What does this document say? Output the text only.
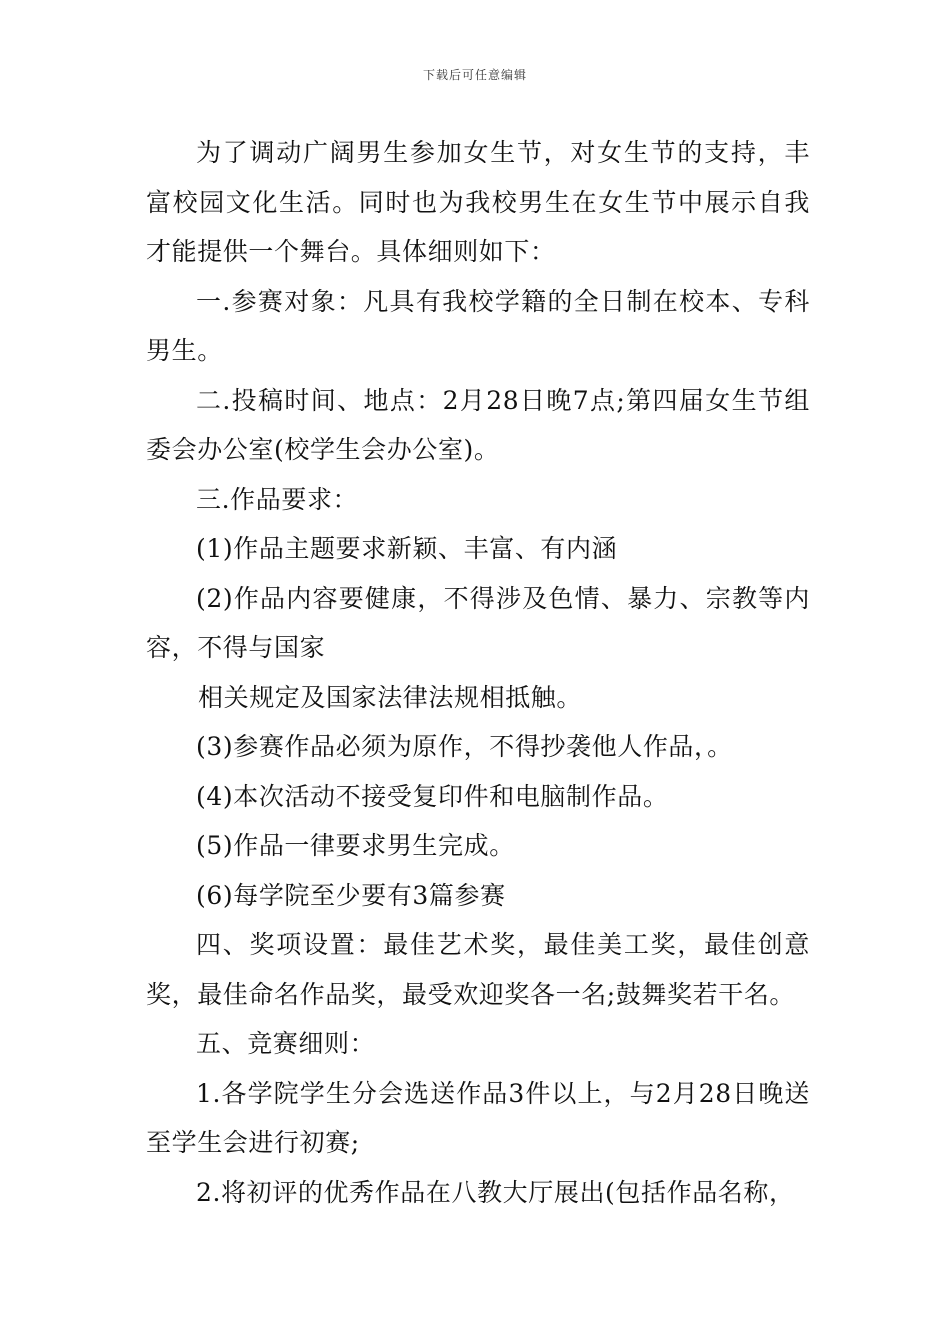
下载后可任意编辑

为了调动广阔男生参加女生节，对女生节的支持，丰富校园文化生活。同时也为我校男生在女生节中展示自我才能提供一个舞台。具体细则如下：

一.参赛对象：凡具有我校学籍的全日制在校本、专科男生。

二.投稿时间、地点：2月28日晚7点;第四届女生节组委会办公室(校学生会办公室)。

三.作品要求：

(1)作品主题要求新颖、丰富、有内涵

(2)作品内容要健康，不得涉及色情、暴力、宗教等内容，不得与国家

相关规定及国家法律法规相抵触。

(3)参赛作品必须为原作，不得抄袭他人作品，。

(4)本次活动不接受复印件和电脑制作品。

(5)作品一律要求男生完成。

(6)每学院至少要有3篇参赛

四、奖项设置：最佳艺术奖，最佳美工奖，最佳创意奖，最佳命名作品奖，最受欢迎奖各一名;鼓舞奖若干名。

五、竞赛细则：

1.各学院学生分会选送作品3件以上，与2月28日晚送至学生会进行初赛;

2.将初评的优秀作品在八教大厅展出(包括作品名称，
